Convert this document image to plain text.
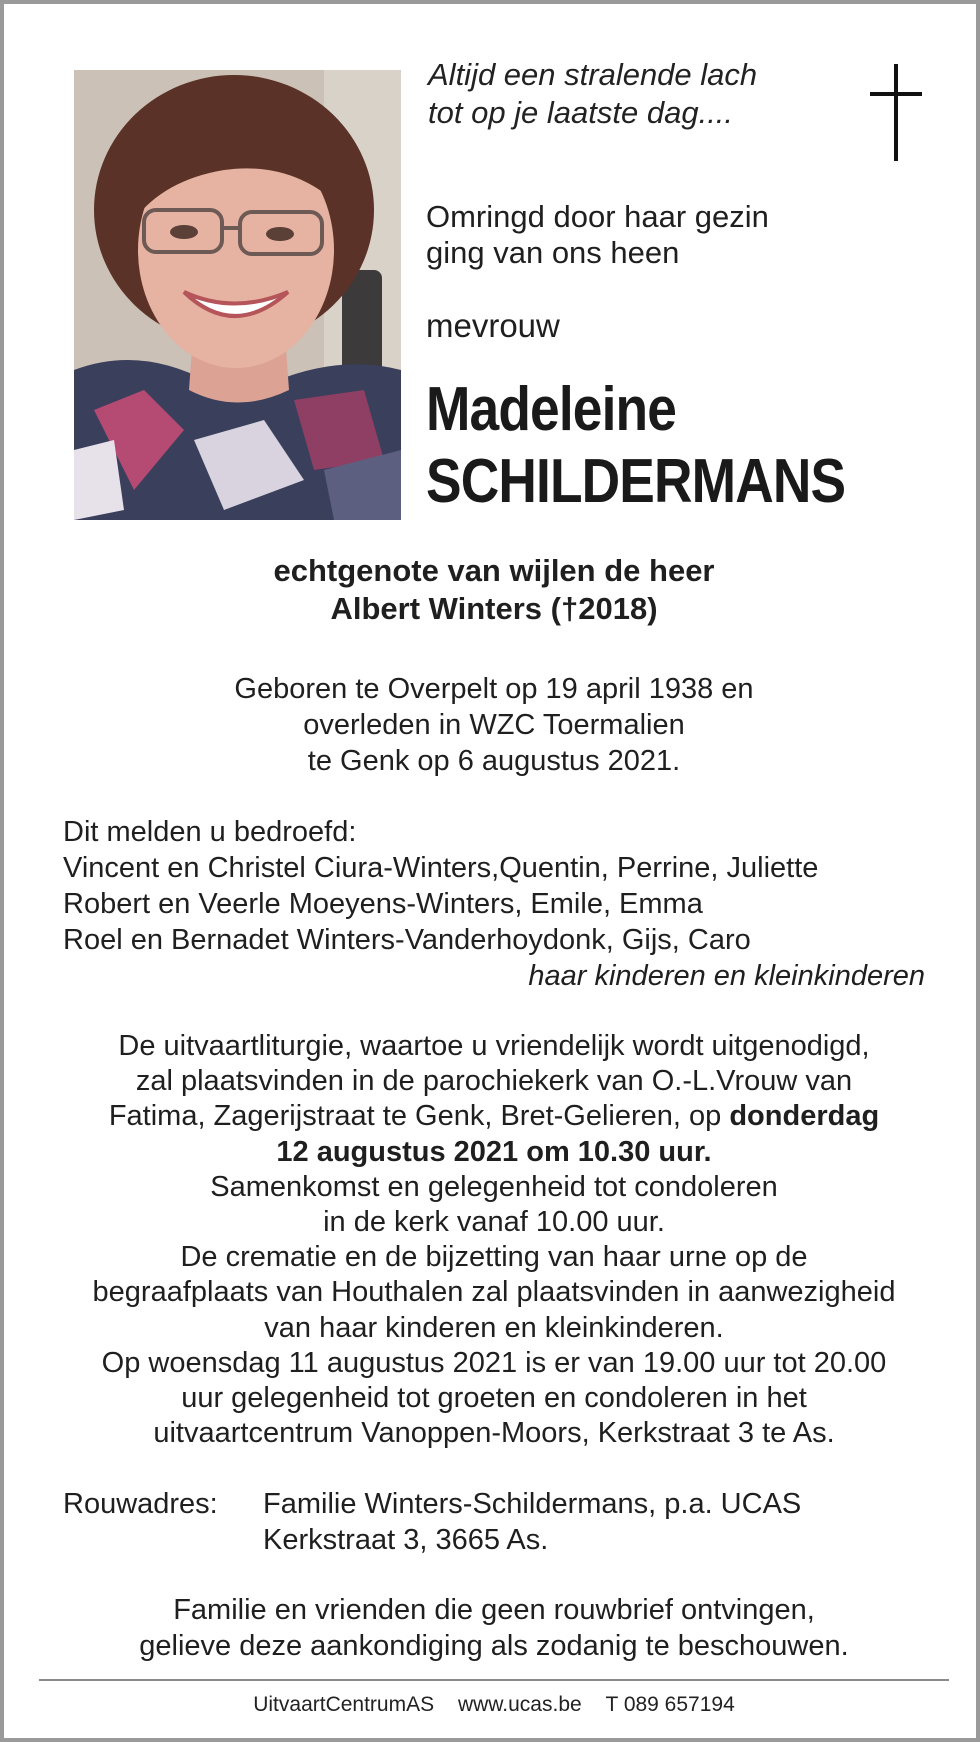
Altijd een stralende lach
tot op je laatste dag....
Omringd door haar gezin
ging van ons heen
mevrouw
Madeleine
SCHILDERMANS
echtgenote van wijlen de heer
Albert Winters (†2018)
Geboren te Overpelt op 19 april 1938 en
overleden in WZC Toermalien
te Genk op 6 augustus 2021.
Dit melden u bedroefd:
Vincent en Christel Ciura-Winters,Quentin, Perrine, Juliette
Robert en Veerle Moeyens-Winters, Emile, Emma
Roel en Bernadet Winters-Vanderhoydonk, Gijs, Caro
haar kinderen en kleinkinderen
De uitvaartliturgie, waartoe u vriendelijk wordt uitgenodigd,
zal plaatsvinden in de parochiekerk van O.-L.Vrouw van
Fatima, Zagerijstraat te Genk, Bret-Gelieren, op donderdag
12 augustus 2021 om 10.30 uur.
Samenkomst en gelegenheid tot condoleren
in de kerk vanaf 10.00 uur.
De crematie en de bijzetting van haar urne op de
begraafplaats van Houthalen zal plaatsvinden in aanwezigheid
van haar kinderen en kleinkinderen.
Op woensdag 11 augustus 2021 is er van 19.00 uur tot 20.00
uur gelegenheid tot groeten en condoleren in het
uitvaartcentrum Vanoppen-Moors, Kerkstraat 3 te As.
Rouwadres:	Familie Winters-Schildermans, p.a. UCAS
Kerkstraat 3, 3665 As.
Familie en vrienden die geen rouwbrief ontvingen,
gelieve deze aankondiging als zodanig te beschouwen.
UitvaartCentrumAS www.ucas.be T 089 657194
